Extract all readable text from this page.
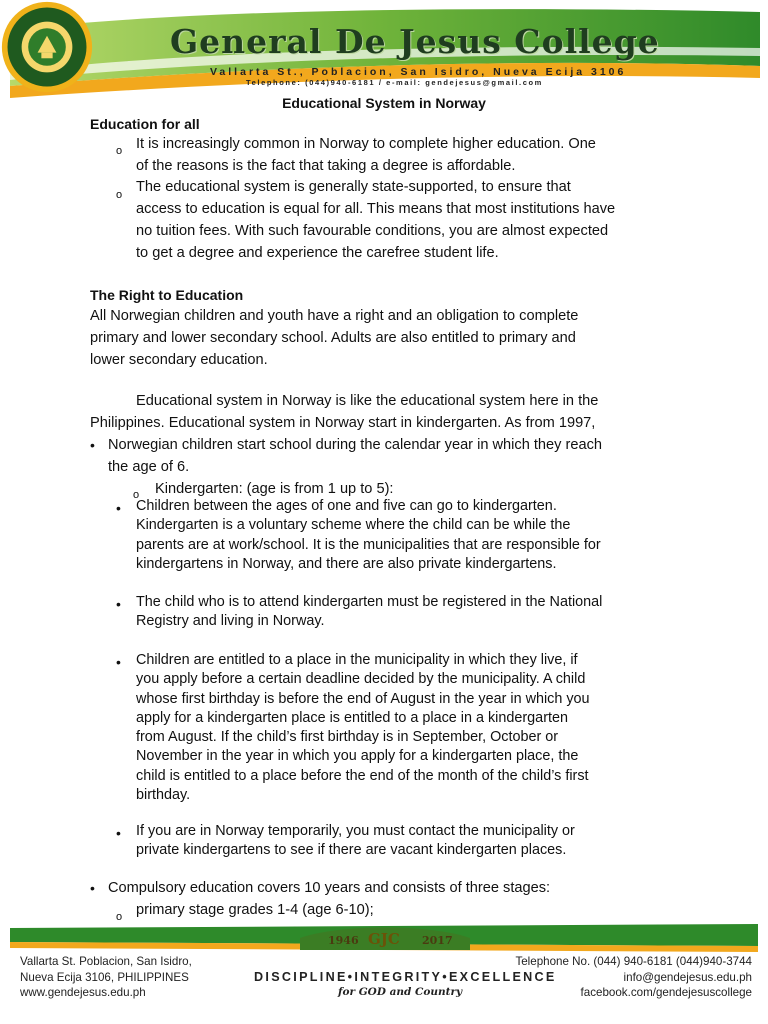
General De Jesus College
Vallarta St., Poblacion, San Isidro, Nueva Ecija 3106
Telephone: (044)940-6181 / e-mail: gendejesus@gmail.com
Educational System in Norway
Education for all
o It is increasingly common in Norway to complete higher education. One
of the reasons is the fact that taking a degree is affordable.
o The educational system is generally state-supported, to ensure that
access to education is equal for all. This means that most institutions have
no tuition fees. With such favourable conditions, you are almost expected
to get a degree and experience the carefree student life.
The Right to Education
All Norwegian children and youth have a right and an obligation to complete
primary and lower secondary school. Adults are also entitled to primary and
lower secondary education.
Educational system in Norway is like the educational system here in the
Philippines. Educational system in Norway start in kindergarten. As from 1997,
• Norwegian children start school during the calendar year in which they reach
the age of 6.
o Kindergarten: (age is from 1 up to 5):
• Children between the ages of one and five can go to kindergarten.
Kindergarten is a voluntary scheme where the child can be while the
parents are at work/school. It is the municipalities that are responsible for
kindergartens in Norway, and there are also private kindergartens.
• The child who is to attend kindergarten must be registered in the National
Registry and living in Norway.
• Children are entitled to a place in the municipality in which they live, if
you apply before a certain deadline decided by the municipality. A child
whose first birthday is before the end of August in the year in which you
apply for a kindergarten place is entitled to a place in a kindergarten
from August. If the child’s first birthday is in September, October or
November in the year in which you apply for a kindergarten place, the
child is entitled to a place before the end of the month of the child’s first
birthday.
• If you are in Norway temporarily, you must contact the municipality or
private kindergartens to see if there are vacant kindergarten places.
• Compulsory education covers 10 years and consists of three stages:
o primary stage grades 1-4 (age 6-10);
1946 GJC 2017
Vallarta St. Poblacion, San Isidro,
Nueva Ecija 3106, PHILIPPINES
www.gendejesus.edu.ph
DISCIPLINE•INTEGRITY•EXCELLENCE
for GOD and Country
Telephone No. (044) 940-6181 (044)940-3744
info@gendejesus.edu.ph
facebook.com/gendejesuscollege
